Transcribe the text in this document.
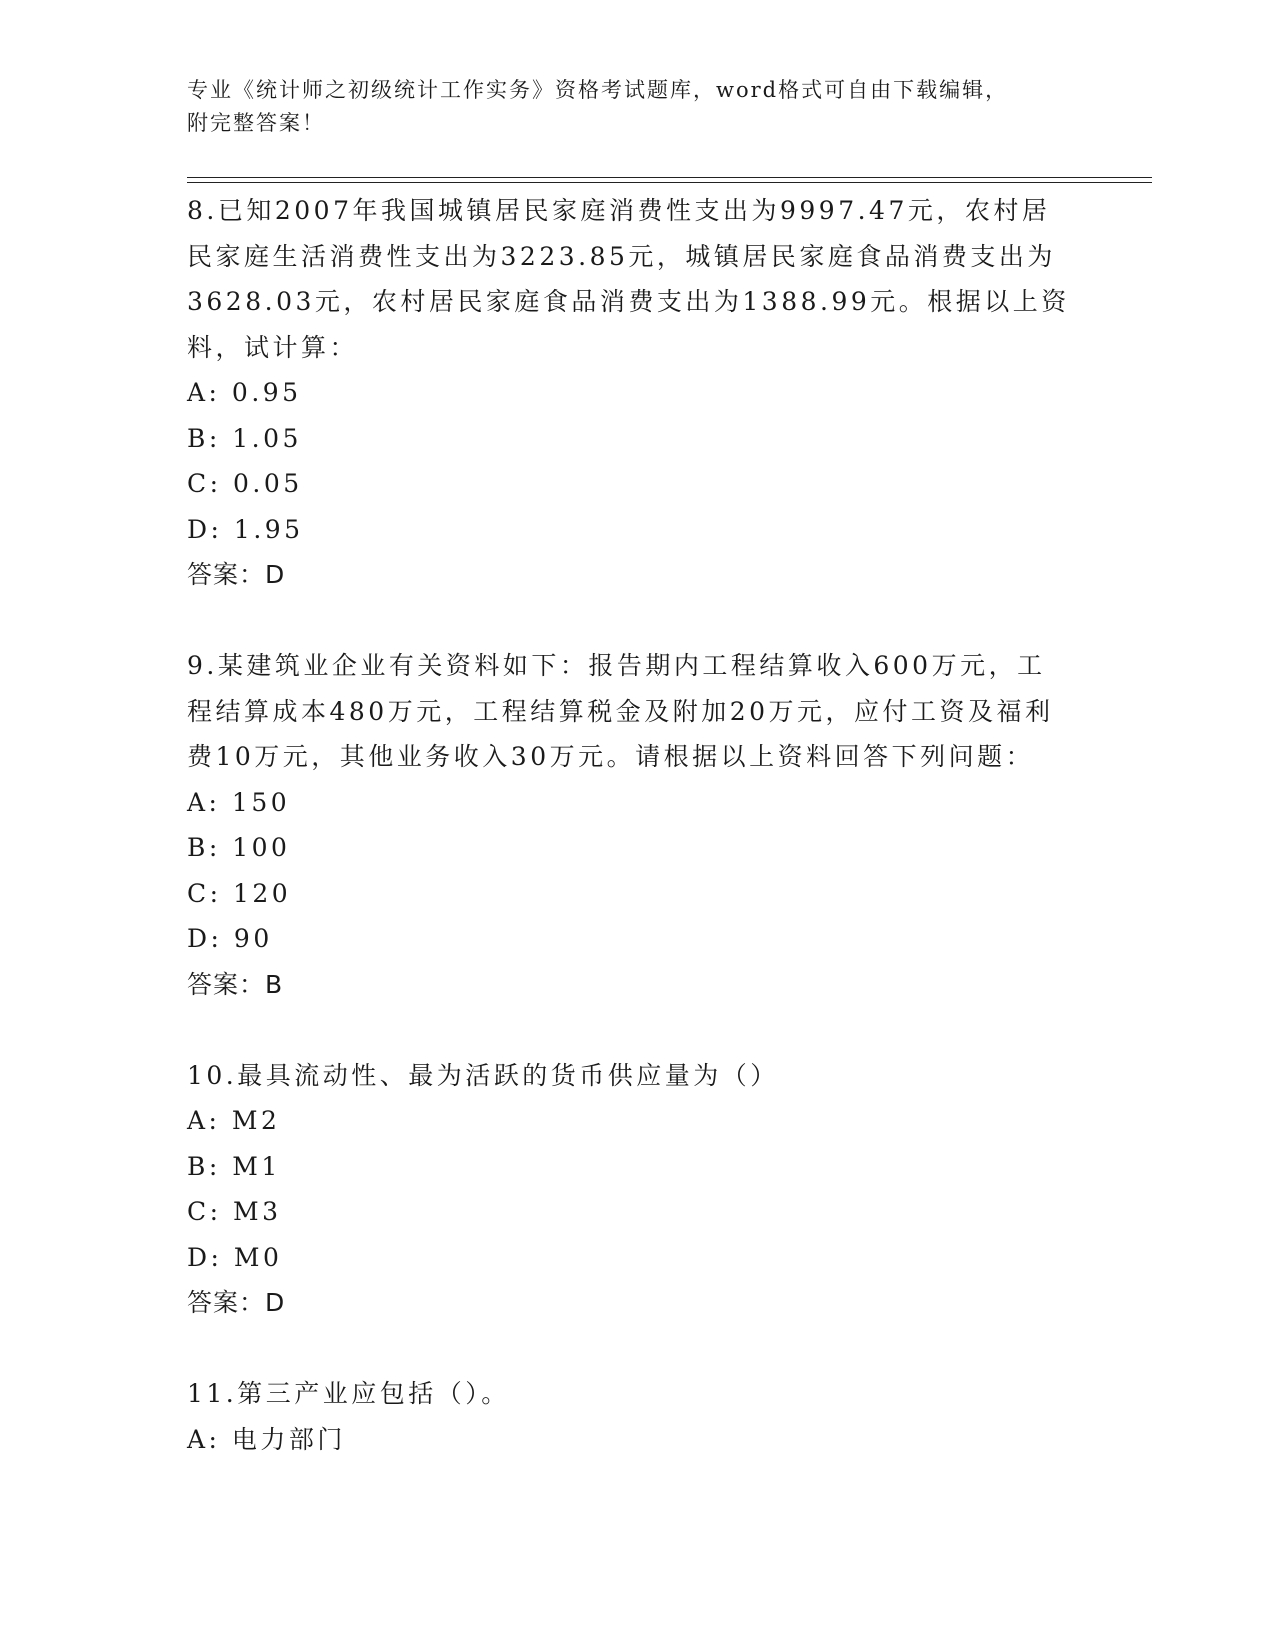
专业《统计师之初级统计工作实务》资格考试题库，word格式可自由下载编辑，
附完整答案！

8.已知2007年我国城镇居民家庭消费性支出为9997.47元，农村居
民家庭生活消费性支出为3223.85元，城镇居民家庭食品消费支出为
3628.03元，农村居民家庭食品消费支出为1388.99元。根据以上资
料，试计算：

A: 0.95

B: 1.05

C: 0.05

D: 1.95

答案：D

9.某建筑业企业有关资料如下：报告期内工程结算收入600万元，工
程结算成本480万元，工程结算税金及附加20万元，应付工资及福利
费10万元，其他业务收入30万元。请根据以上资料回答下列问题：

A: 150

B: 100

C: 120

D: 90

答案：B

10.最具流动性、最为活跃的货币供应量为（）

A: M2

B: M1

C: M3

D: M0

答案：D

11.第三产业应包括（）。

A: 电力部门
